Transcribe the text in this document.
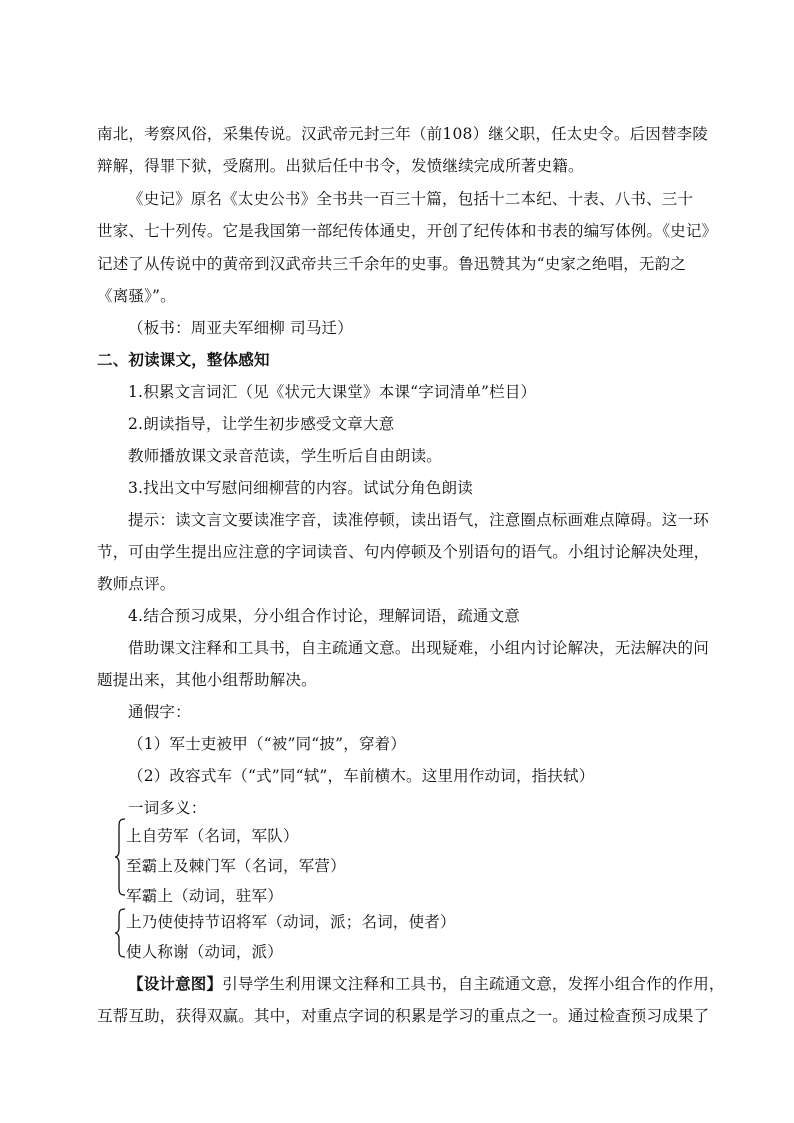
南北，考察风俗，采集传说。汉武帝元封三年（前108）继父职，任太史令。后因替李陵
辩解，得罪下狱，受腐刑。出狱后任中书令，发愤继续完成所著史籍。
《史记》原名《太史公书》全书共一百三十篇，包括十二本纪、十表、八书、三十
世家、七十列传。它是我国第一部纪传体通史，开创了纪传体和书表的编写体例。《史记》
记述了从传说中的黄帝到汉武帝共三千余年的史事。鲁迅赞其为“史家之绝唱，无韵之
《离骚》”。
（板书：周亚夫军细柳 司马迁）
二、初读课文，整体感知
1.积累文言词汇（见《状元大课堂》本课“字词清单”栏目）
2.朗读指导，让学生初步感受文章大意
教师播放课文录音范读，学生听后自由朗读。
3.找出文中写慰问细柳营的内容。试试分角色朗读
提示：读文言文要读准字音，读准停顿，读出语气，注意圈点标画难点障碍。这一环
节，可由学生提出应注意的字词读音、句内停顿及个别语句的语气。小组讨论解决处理，
教师点评。
4.结合预习成果，分小组合作讨论，理解词语，疏通文意
借助课文注释和工具书，自主疏通文意。出现疑难，小组内讨论解决，无法解决的问
题提出来，其他小组帮助解决。
通假字：
（1）军士吏被甲（“被”同“披”，穿着）
（2）改容式车（“式”同“轼”，车前横木。这里用作动词，指扶轼）
一词多义：
上自劳军（名词，军队）
至霸上及棘门军（名词，军营）
军霸上（动词，驻军）
上乃使使持节诏将军（动词，派；名词，使者）
使人称谢（动词，派）
【设计意图】引导学生利用课文注释和工具书，自主疏通文意，发挥小组合作的作用，
互帮互助，获得双赢。其中，对重点字词的积累是学习的重点之一。通过检查预习成果了
